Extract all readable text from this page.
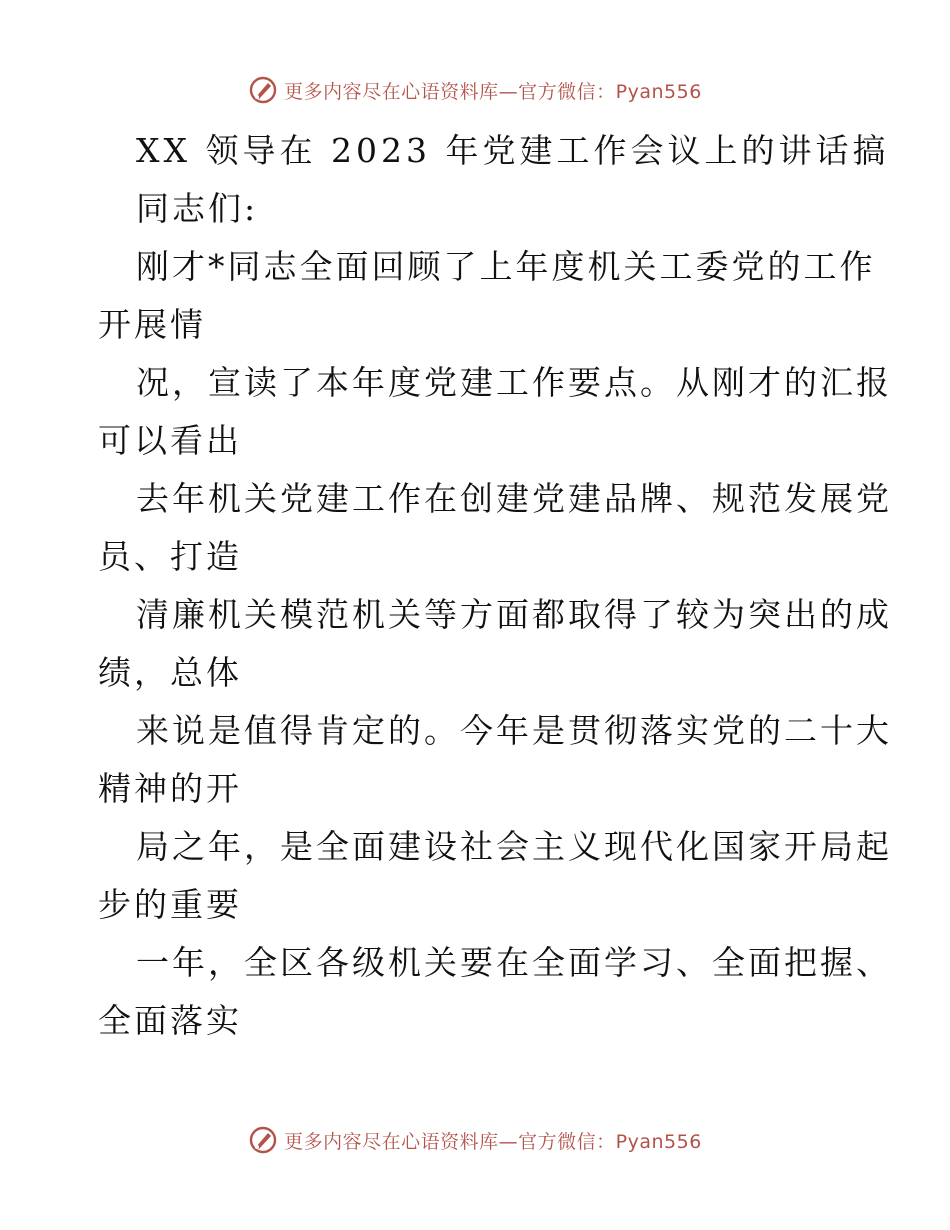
更多内容尽在心语资料库—官方微信：Pyan556
XX 领导在 2023 年党建工作会议上的讲话搞
同志们:
刚才*同志全面回顾了上年度机关工委党的工作
开展情
况，宣读了本年度党建工作要点。从刚才的汇报
可以看出
去年机关党建工作在创建党建品牌、规范发展党
员、打造
清廉机关模范机关等方面都取得了较为突出的成
绩，总体
来说是值得肯定的。今年是贯彻落实党的二十大
精神的开
局之年，是全面建设社会主义现代化国家开局起
步的重要
一年，全区各级机关要在全面学习、全面把握、
全面落实
更多内容尽在心语资料库—官方微信：Pyan556
